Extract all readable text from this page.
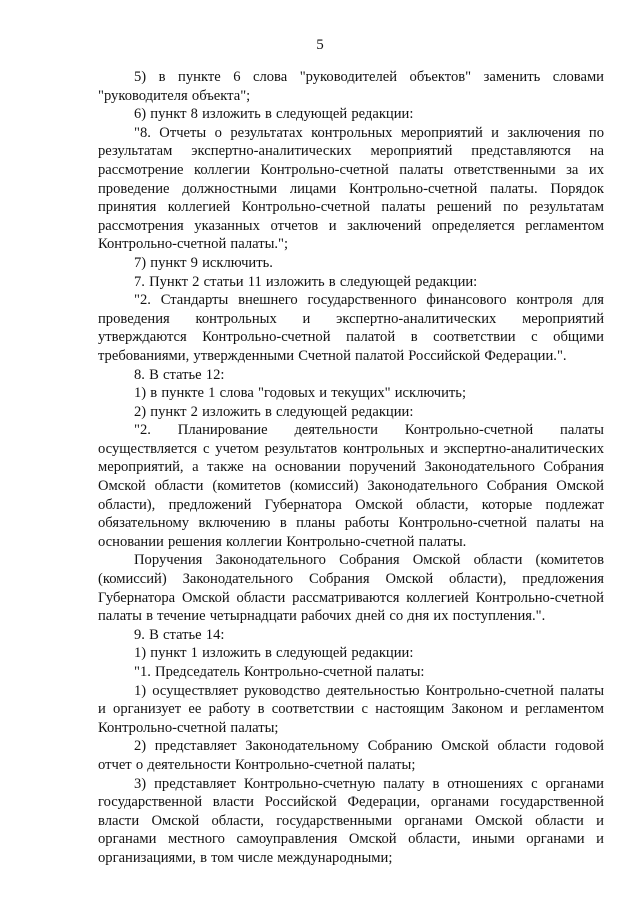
5

5) в пункте 6 слова "руководителей объектов" заменить словами "руководителя объекта";

6) пункт 8 изложить в следующей редакции:

"8. Отчеты о результатах контрольных мероприятий и заключения по результатам экспертно-аналитических мероприятий представляются на рассмотрение коллегии Контрольно-счетной палаты ответственными за их проведение должностными лицами Контрольно-счетной палаты. Порядок принятия коллегией Контрольно-счетной палаты решений по результатам рассмотрения указанных отчетов и заключений определяется регламентом Контрольно-счетной палаты.";

7) пункт 9 исключить.

7. Пункт 2 статьи 11 изложить в следующей редакции:

"2. Стандарты внешнего государственного финансового контроля для проведения контрольных и экспертно-аналитических мероприятий утверждаются Контрольно-счетной палатой в соответствии с общими требованиями, утвержденными Счетной палатой Российской Федерации.".

8. В статье 12:

1) в пункте 1 слова "годовых и текущих" исключить;

2) пункт 2 изложить в следующей редакции:

"2. Планирование деятельности Контрольно-счетной палаты осуществляется с учетом результатов контрольных и экспертно-аналитических мероприятий, а также на основании поручений Законодательного Собрания Омской области (комитетов (комиссий) Законодательного Собрания Омской области), предложений Губернатора Омской области, которые подлежат обязательному включению в планы работы Контрольно-счетной палаты на основании решения коллегии Контрольно-счетной палаты.

Поручения Законодательного Собрания Омской области (комитетов (комиссий) Законодательного Собрания Омской области), предложения Губернатора Омской области рассматриваются коллегией Контрольно-счетной палаты в течение четырнадцати рабочих дней со дня их поступления.".

9. В статье 14:

1) пункт 1 изложить в следующей редакции:

"1. Председатель Контрольно-счетной палаты:

1) осуществляет руководство деятельностью Контрольно-счетной палаты и организует ее работу в соответствии с настоящим Законом и регламентом Контрольно-счетной палаты;

2) представляет Законодательному Собранию Омской области годовой отчет о деятельности Контрольно-счетной палаты;

3) представляет Контрольно-счетную палату в отношениях с органами государственной власти Российской Федерации, органами государственной власти Омской области, государственными органами Омской области и органами местного самоуправления Омской области, иными органами и организациями, в том числе международными;
